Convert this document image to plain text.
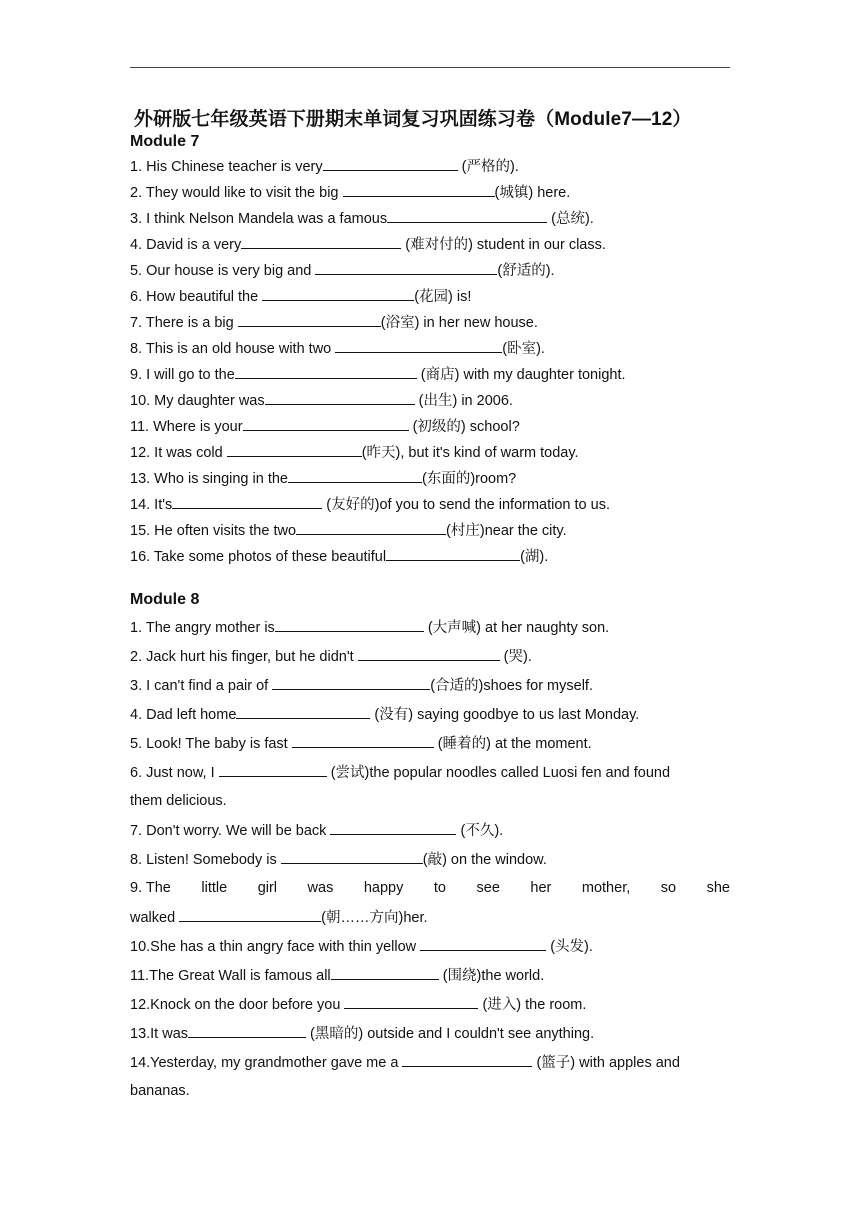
外研版七年级英语下册期末单词复习巩固练习卷（Module7—12）
Module 7
1. His Chinese teacher is very	(严格的).
2. They would like to visit the big	(城镇) here.
3. I think Nelson Mandela was a famous	(总统).
4. David is a very	(难对付的) student in our class.
5. Our house is very big and	(舒适的).
6. How beautiful the	(花园) is!
7. There is a big	(浴室) in her new house.
8. This is an old house with two	(卧室).
9. I will go to the	(商店) with my daughter tonight.
10. My daughter was	(出生) in 2006.
11. Where is your	(初级的) school?
12. It was cold	(昨天), but it's kind of warm today.
13. Who is singing in the	(东面的)room?
14. It's	(友好的)of you to send the information to us.
15. He often visits the two	(村庄)near the city.
16. Take some photos of these beautiful	(湖).
Module 8
1. The angry mother is	(大声喊) at her naughty son.
2. Jack hurt his finger, but he didn't	(哭).
3. I can't find a pair of	(合适的)shoes for myself.
4. Dad left home	(没有) saying goodbye to us last Monday.
5. Look! The baby is fast	(睡着的) at the moment.
6. Just now, I	(尝试)the popular noodles called Luosi fen and found
them delicious.
7. Don't worry. We will be back	(不久).
8. Listen! Somebody is	(敲) on the window.
9. The little girl was happy to see her mother, so she
walked	(朝……方向)her.
10.She has a thin angry face with thin yellow	(头发).
11.The Great Wall is famous all	(围绕)the world.
12.Knock on the door before you	(进入) the room.
13.It was	(黑暗的) outside and I couldn't see anything.
14.Yesterday, my grandmother gave me a	(篮子) with apples and
bananas.
